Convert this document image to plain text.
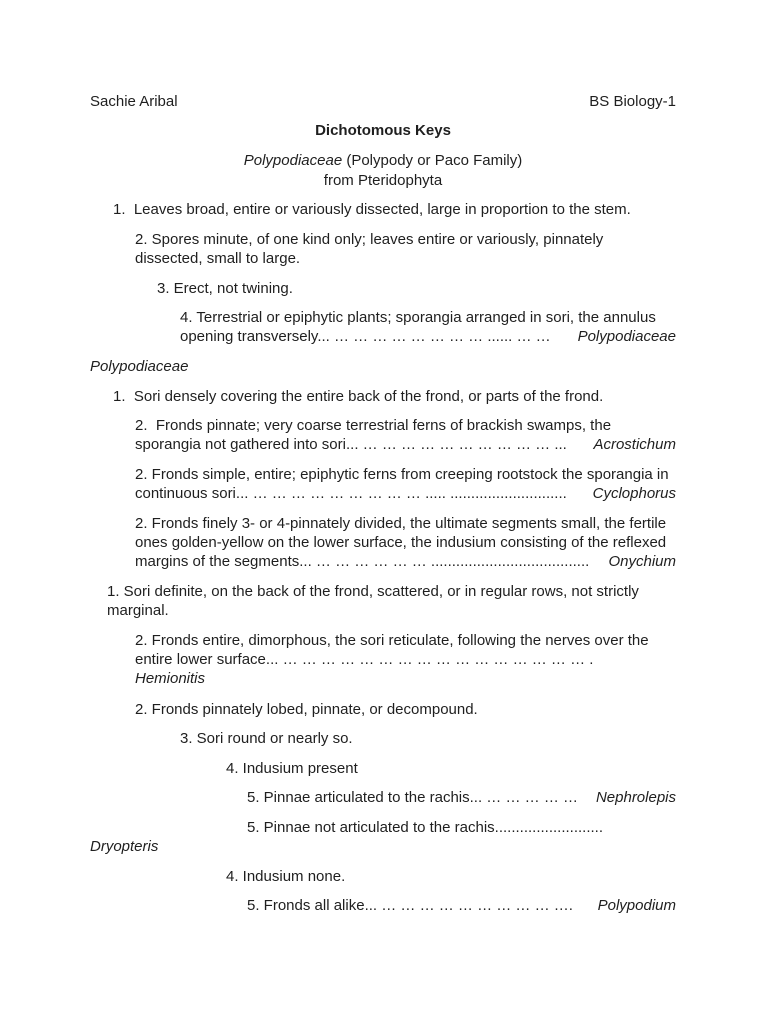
Sachie Aribal	BS Biology-1
Dichotomous Keys
Polypodiaceae (Polypody or Paco Family)
from Pteridophyta
1.  Leaves broad, entire or variously dissected, large in proportion to the stem.
2. Spores minute, of one kind only; leaves entire or variously, pinnately
dissected, small to large.
3. Erect, not twining.
4. Terrestrial or epiphytic plants; sporangia arranged in sori, the annulus
opening transversely... … … … … … … … … ...... … … Polypodiaceae
Polypodiaceae
1.  Sori densely covering the entire back of the frond, or parts of the frond.
2.  Fronds pinnate; very coarse terrestrial ferns of brackish swamps, the
sporangia not gathered into sori... … … … … … … … … … … ... Acrostichum
2. Fronds simple, entire; epiphytic ferns from creeping rootstock the sporangia in
continuous sori... … … … … … … … … … ..... ............................ Cyclophorus
2. Fronds finely 3- or 4-pinnately divided, the ultimate segments small, the fertile
ones golden-yellow on the lower surface, the indusium consisting of the reflexed
margins of the segments... … … … … … … ...................................... Onychium
1. Sori definite, on the back of the frond, scattered, or in regular rows, not strictly
marginal.
2. Fronds entire, dimorphous, the sori reticulate, following the nerves over the
entire lower surface... … … … … … … … … … … … … … … … … .
Hemionitis
2. Fronds pinnately lobed, pinnate, or decompound.
3. Sori round or nearly so.
4. Indusium present
5. Pinnae articulated to the rachis... … … … … … Nephrolepis
5. Pinnae not articulated to the rachis..........................
Dryopteris
4. Indusium none.
5. Fronds all alike... … … … … … … … … … …. Polypodium
